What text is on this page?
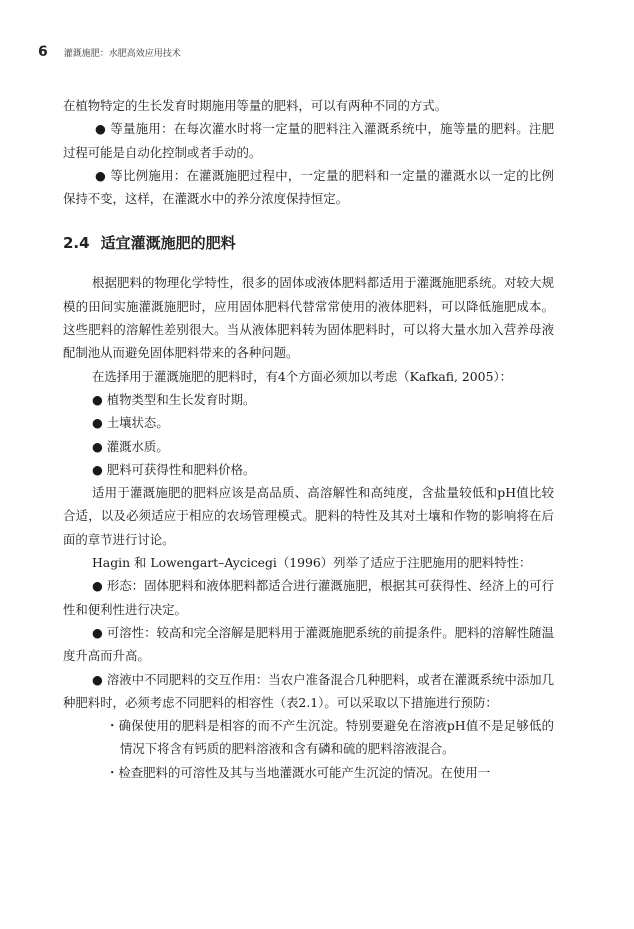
6 灌溉施肥：水肥高效应用技术

在植物特定的生长发育时期施用等量的肥料，可以有两种不同的方式。

● 等量施用：在每次灌水时将一定量的肥料注入灌溉系统中，施等量的肥料。注肥过程可能是自动化控制或者手动的。

● 等比例施用：在灌溉施肥过程中，一定量的肥料和一定量的灌溉水以一定的比例保持不变，这样，在灌溉水中的养分浓度保持恒定。

2.4 适宜灌溉施肥的肥料

根据肥料的物理化学特性，很多的固体或液体肥料都适用于灌溉施肥系统。对较大规模的田间实施灌溉施肥时，应用固体肥料代替常常使用的液体肥料，可以降低施肥成本。这些肥料的溶解性差别很大。当从液体肥料转为固体肥料时，可以将大量水加入营养母液配制池从而避免固体肥料带来的各种问题。

在选择用于灌溉施肥的肥料时，有4个方面必须加以考虑（Kafkafi, 2005）：

● 植物类型和生长发育时期。

● 土壤状态。

● 灌溉水质。

● 肥料可获得性和肥料价格。

适用于灌溉施肥的肥料应该是高品质、高溶解性和高纯度，含盐量较低和pH值比较合适，以及必须适应于相应的农场管理模式。肥料的特性及其对土壤和作物的影响将在后面的章节进行讨论。

Hagin 和 Lowengart–Aycicegi（1996）列举了适应于注肥施用的肥料特性：

● 形态：固体肥料和液体肥料都适合进行灌溉施肥，根据其可获得性、经济上的可行性和便利性进行决定。

● 可溶性：较高和完全溶解是肥料用于灌溉施肥系统的前提条件。肥料的溶解性随温度升高而升高。

● 溶液中不同肥料的交互作用：当农户准备混合几种肥料，或者在灌溉系统中添加几种肥料时，必须考虑不同肥料的相容性（表2.1）。可以采取以下措施进行预防：

・确保使用的肥料是相容的而不产生沉淀。特别要避免在溶液pH值不是足够低的情况下将含有钙质的肥料溶液和含有磷和硫的肥料溶液混合。

・检查肥料的可溶性及其与当地灌溉水可能产生沉淀的情况。在使用一
